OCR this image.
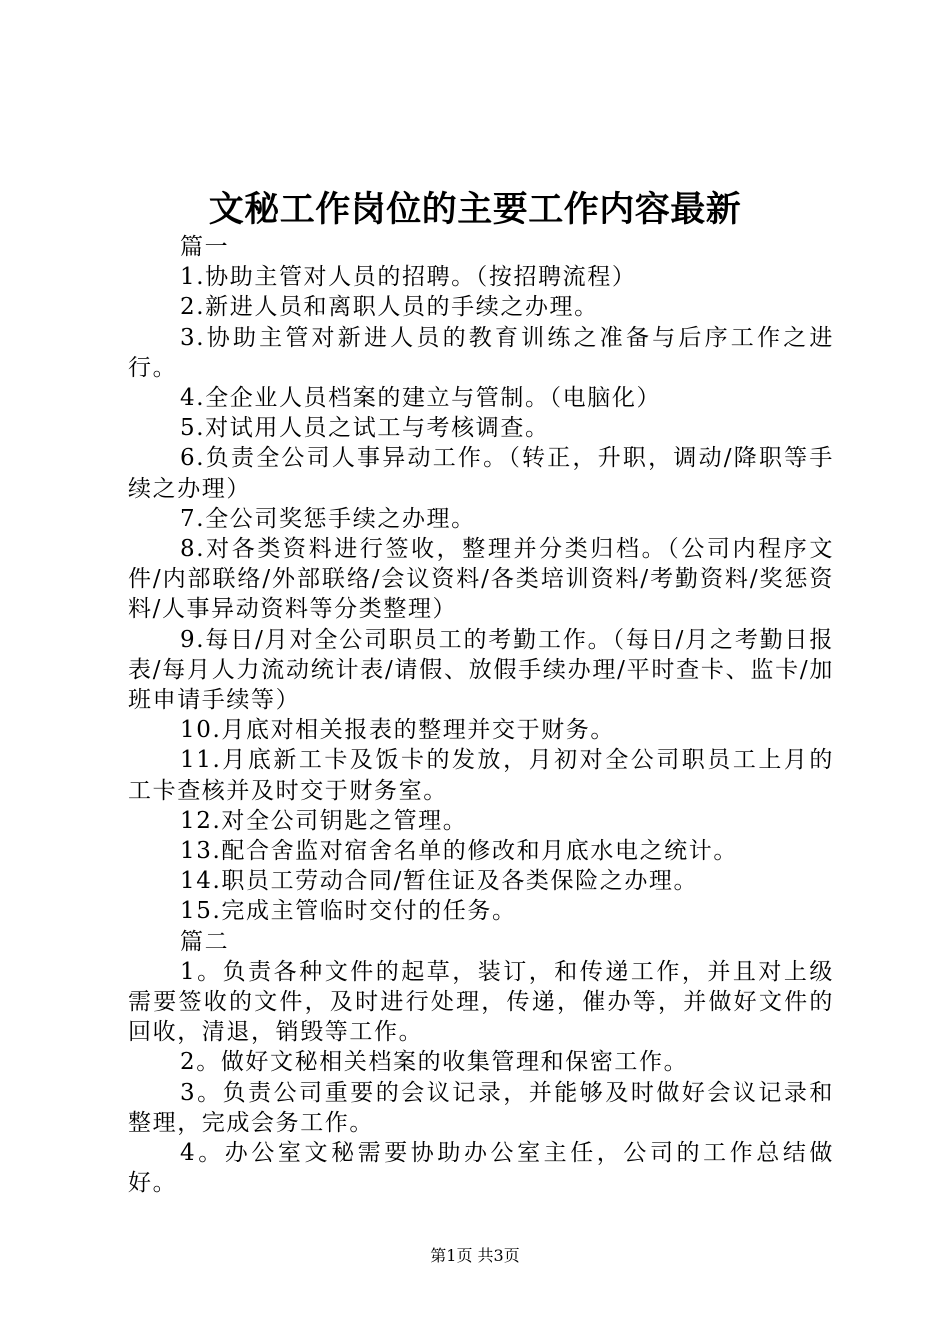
文秘工作岗位的主要工作内容最新

篇一

1.协助主管对人员的招聘。（按招聘流程）

2.新进人员和离职人员的手续之办理。

3.协助主管对新进人员的教育训练之准备与后序工作之进行。

4.全企业人员档案的建立与管制。（电脑化）

5.对试用人员之试工与考核调查。

6.负责全公司人事异动工作。（转正，升职，调动/降职等手续之办理）

7.全公司奖惩手续之办理。

8.对各类资料进行签收，整理并分类归档。（公司内程序文件/内部联络/外部联络/会议资料/各类培训资料/考勤资料/奖惩资料/人事异动资料等分类整理）

9.每日/月对全公司职员工的考勤工作。（每日/月之考勤日报表/每月人力流动统计表/请假、放假手续办理/平时查卡、监卡/加班申请手续等）

10.月底对相关报表的整理并交于财务。

11.月底新工卡及饭卡的发放，月初对全公司职员工上月的工卡查核并及时交于财务室。

12.对全公司钥匙之管理。

13.配合舍监对宿舍名单的修改和月底水电之统计。

14.职员工劳动合同/暂住证及各类保险之办理。

15.完成主管临时交付的任务。

篇二

1。负责各种文件的起草，装订，和传递工作，并且对上级需要签收的文件，及时进行处理，传递，催办等，并做好文件的回收，清退，销毁等工作。

2。做好文秘相关档案的收集管理和保密工作。

3。负责公司重要的会议记录，并能够及时做好会议记录和整理，完成会务工作。

4。办公室文秘需要协助办公室主任，公司的工作总结做好。

第1页 共3页
